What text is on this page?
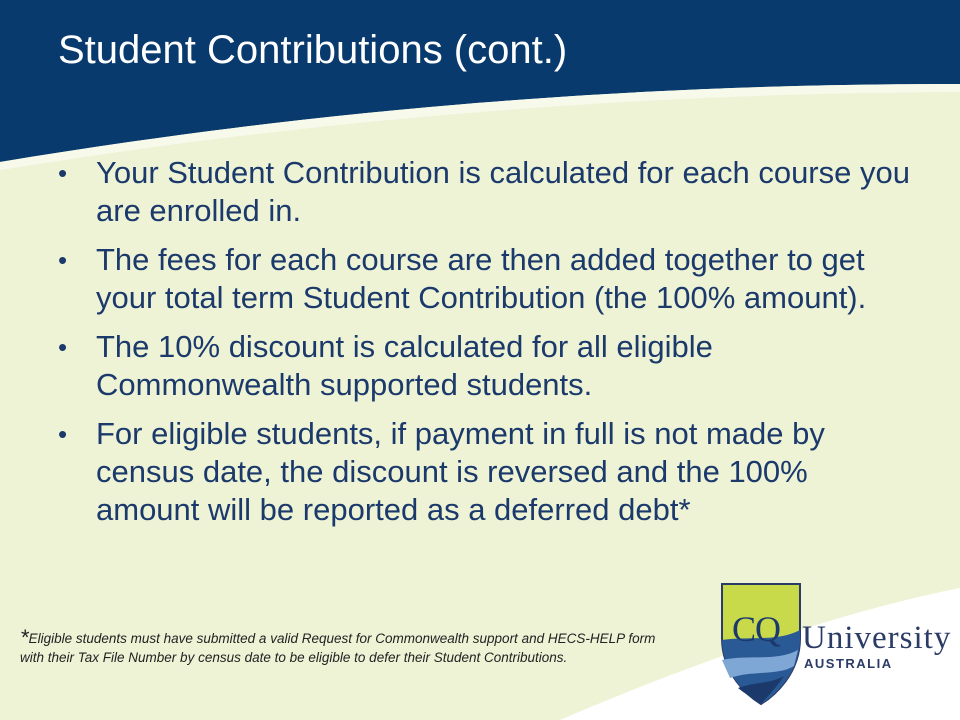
Student Contributions (cont.)
• Your Student Contribution is calculated for each course you are enrolled in.
• The fees for each course are then added together to get your total term Student Contribution (the 100% amount).
• The 10% discount is calculated for all eligible Commonwealth supported students.
• For eligible students, if payment in full is not made by census date, the discount is reversed and the 100% amount will be reported as a deferred debt*
*Eligible students must have submitted a valid Request for Commonwealth support and HECS-HELP form with their Tax File Number by census date to be eligible to defer their Student Contributions.
CQ University
AUSTRALIA
